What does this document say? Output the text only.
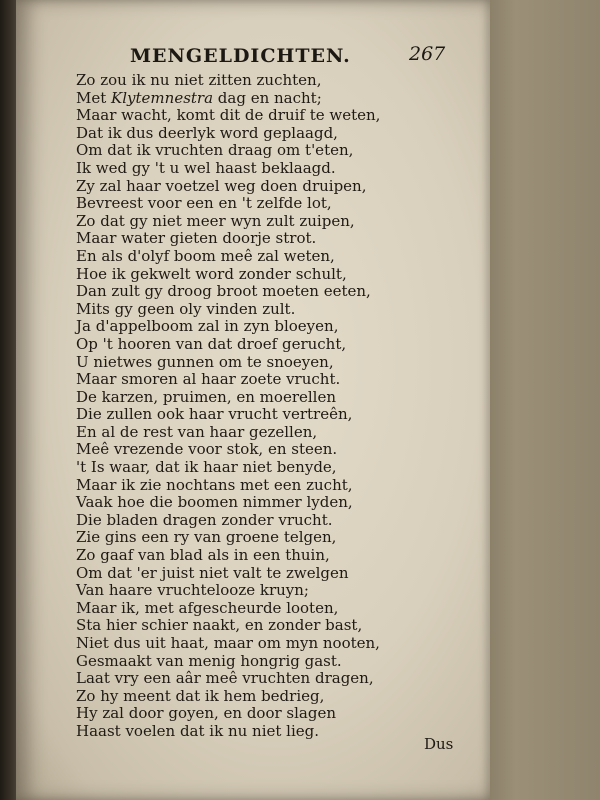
MENGELDICHTEN.	267
Zo zou ik nu niet zitten zuchten,
Met Klytemnestra dag en nacht;
Maar wacht, komt dit de druif te weten,
Dat ik dus deerlyk word geplaagd,
Om dat ik vruchten draag om t'eten,
Ik wed gy 't u wel haast beklaagd.
Zy zal haar voetzel weg doen druipen,
Bevreest voor een en 't zelfde lot,
Zo dat gy niet meer wyn zult zuipen,
Maar water gieten doorje strot.
En als d'olyf boom meê zal weten,
Hoe ik gekwelt word zonder schult,
Dan zult gy droog broot moeten eeten,
Mits gy geen oly vinden zult.
Ja d'appelboom zal in zyn bloeyen,
Op 't hooren van dat droef gerucht,
U nietwes gunnen om te snoeyen,
Maar smoren al haar zoete vrucht.
De karzen, pruimen, en moerellen
Die zullen ook haar vrucht vertreên,
En al de rest van haar gezellen,
Meê vrezende voor stok, en steen.
't Is waar, dat ik haar niet benyde,
Maar ik zie nochtans met een zucht,
Vaak hoe die boomen nimmer lyden,
Die bladen dragen zonder vrucht.
Zie gins een ry van groene telgen,
Zo gaaf van blad als in een thuin,
Om dat 'er juist niet valt te zwelgen
Van haare vruchtelooze kruyn;
Maar ik, met afgescheurde looten,
Sta hier schier naakt, en zonder bast,
Niet dus uit haat, maar om myn nooten,
Gesmaakt van menig hongrig gast.
Laat vry een aâr meê vruchten dragen,
Zo hy meent dat ik hem bedrieg,
Hy zal door goyen, en door slagen
Haast voelen dat ik nu niet lieg.
Dus
